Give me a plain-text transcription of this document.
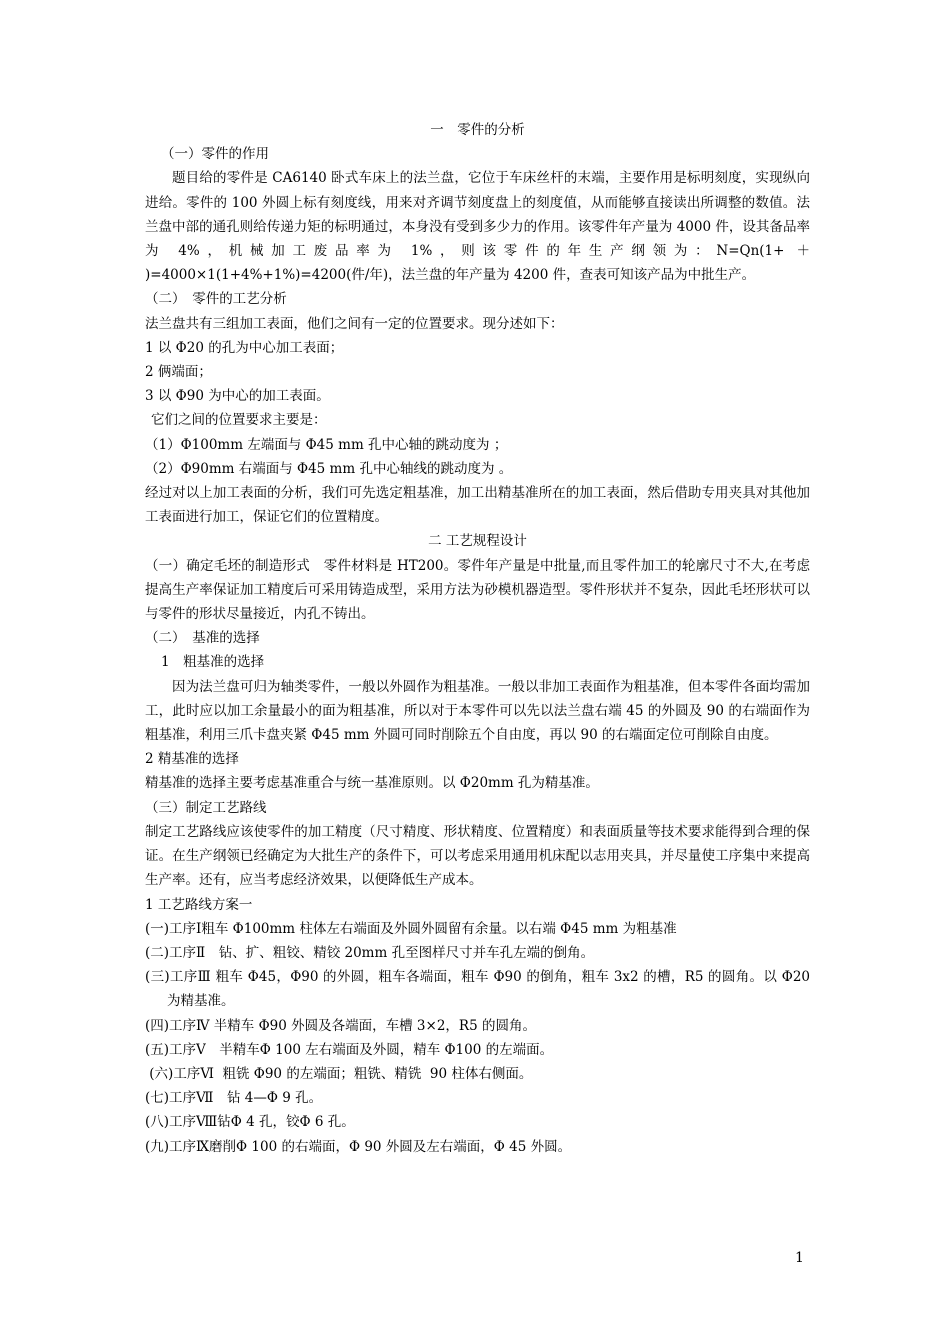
一　零件的分析
（一）零件的作用
题目给的零件是 CA6140 卧式车床上的法兰盘，它位于车床丝杆的末端，主要作用是标明刻度，实现纵向进给。零件的 100 外圆上标有刻度线，用来对齐调节刻度盘上的刻度值，从而能够直接读出所调整的数值。法兰盘中部的通孔则给传递力矩的标明通过，本身没有受到多少力的作用。该零件年产量为 4000 件，设其备品率为 4%，机械加工废品率为 1%，则该零件的年生产纲领为：N=Qn(1+ ＋ )=4000×1(1+4%+1%)=4200(件/年)，法兰盘的年产量为 4200 件，查表可知该产品为中批生产。
（二）　零件的工艺分析
法兰盘共有三组加工表面，他们之间有一定的位置要求。现分述如下：
1 以 Φ20 的孔为中心加工表面；
2 俩端面；
3 以 Φ90 为中心的加工表面。
它们之间的位置要求主要是：
（1）Φ100mm 左端面与 Φ45 mm 孔中心轴的跳动度为 ；
（2）Φ90mm 右端面与 Φ45 mm 孔中心轴线的跳动度为 。
经过对以上加工表面的分析，我们可先选定粗基准，加工出精基准所在的加工表面，然后借助专用夹具对其他加工表面进行加工，保证它们的位置精度。
二 工艺规程设计
（一）确定毛坯的制造形式　零件材料是 HT200。零件年产量是中批量,而且零件加工的轮廓尺寸不大,在考虑提高生产率保证加工精度后可采用铸造成型，采用方法为砂模机器造型。零件形状并不复杂，因此毛坯形状可以与零件的形状尽量接近，内孔不铸出。
（二）　基准的选择
1　粗基准的选择
因为法兰盘可归为轴类零件，一般以外圆作为粗基准。一般以非加工表面作为粗基准，但本零件各面均需加工，此时应以加工余量最小的面为粗基准，所以对于本零件可以先以法兰盘右端 45 的外圆及 90 的右端面作为粗基准，利用三爪卡盘夹紧 Φ45 mm 外圆可同时削除五个自由度，再以 90 的右端面定位可削除自由度。
2 精基准的选择
精基准的选择主要考虑基准重合与统一基准原则。以 Φ20mm 孔为精基准。
（三）制定工艺路线
制定工艺路线应该使零件的加工精度（尺寸精度、形状精度、位置精度）和表面质量等技术要求能得到合理的保证。在生产纲领已经确定为大批生产的条件下，可以考虑采用通用机床配以志用夹具，并尽量使工序集中来提高生产率。还有，应当考虑经济效果，以便降低生产成本。
1 工艺路线方案一
(一)工序Ⅰ粗车 Φ100mm 柱体左右端面及外圆外圆留有余量。以右端 Φ45 mm 为粗基准
(二)工序Ⅱ　钻、扩、粗铰、精铰 20mm 孔至图样尺寸并车孔左端的倒角。
(三)工序Ⅲ 粗车 Φ45，Φ90 的外圆，粗车各端面，粗车 Φ90 的倒角，粗车 3x2 的槽，R5 的圆角。以 Φ20 为精基准。
(四)工序Ⅳ 半精车 Φ90 外圆及各端面，车槽 3×2，R5 的圆角。
(五)工序Ⅴ　半精车Φ 100 左右端面及外圆，精车 Φ100 的左端面。
(六)工序Ⅵ  粗铣 Φ90 的左端面；粗铣、精铣  90 柱体右侧面。
(七)工序Ⅶ　钻 4—Φ 9 孔。
(八)工序Ⅷ钻Φ 4 孔，铰Φ 6 孔。
(九)工序Ⅸ磨削Φ 100 的右端面，Φ 90 外圆及左右端面，Φ 45 外圆。
1
